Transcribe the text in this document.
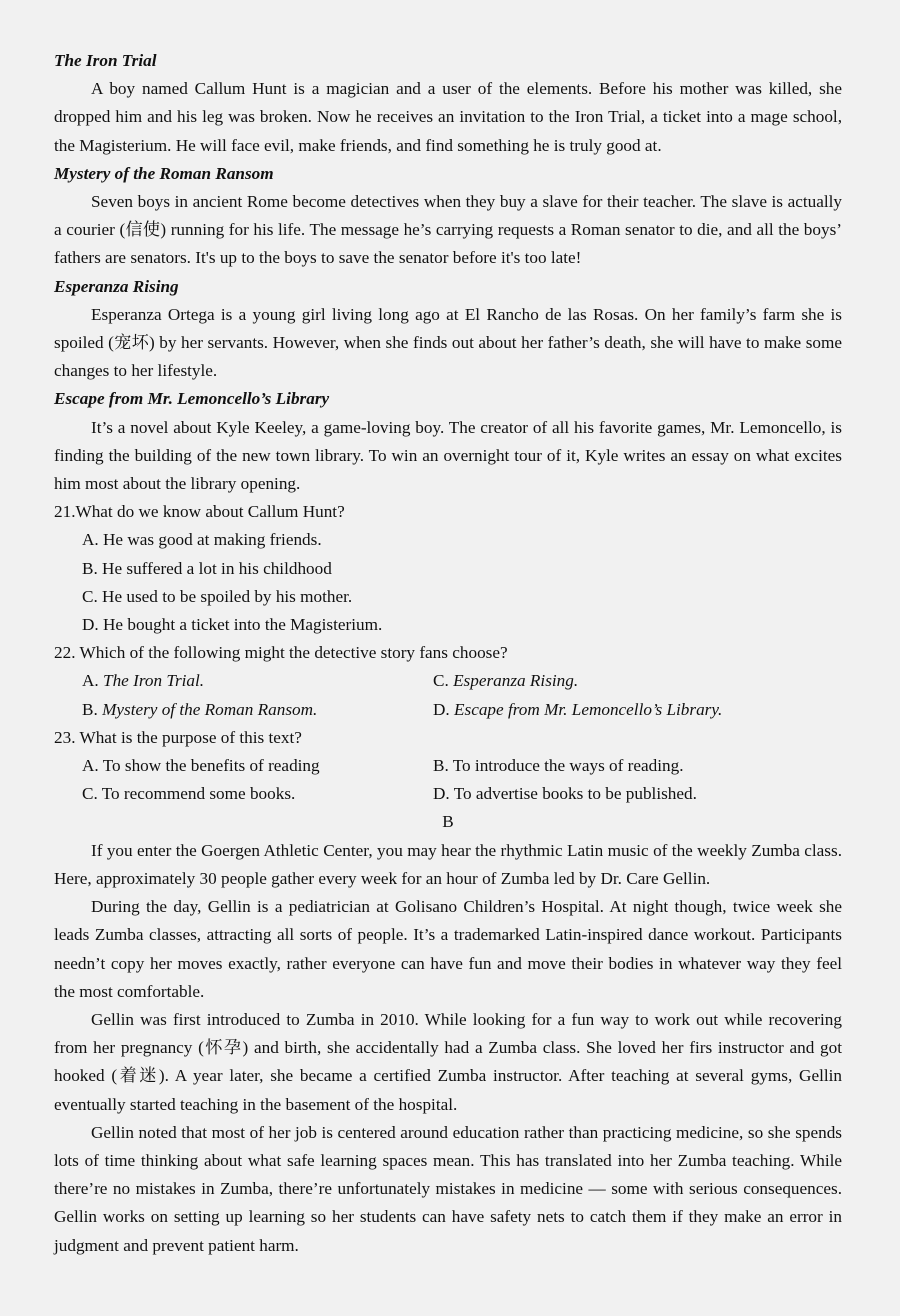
The Iron Trial

A boy named Callum Hunt is a magician and a user of the elements. Before his mother was killed, she dropped him and his leg was broken. Now he receives an invitation to the Iron Trial, a ticket into a mage school, the Magisterium. He will face evil, make friends, and find something he is truly good at.

Mystery of the Roman Ransom

Seven boys in ancient Rome become detectives when they buy a slave for their teacher. The slave is actually a courier (信使) running for his life. The message he’s carrying requests a Roman senator to die, and all the boys’ fathers are senators. It's up to the boys to save the senator before it's too late!

Esperanza Rising

Esperanza Ortega is a young girl living long ago at El Rancho de las Rosas. On her family’s farm she is spoiled (宠坏) by her servants. However, when she finds out about her father’s death, she will have to make some changes to her lifestyle.

Escape from Mr. Lemoncello’s Library

It’s a novel about Kyle Keeley, a game-loving boy. The creator of all his favorite games, Mr. Lemoncello, is finding the building of the new town library. To win an overnight tour of it, Kyle writes an essay on what excites him most about the library opening.

21.What do we know about Callum Hunt?
A. He was good at making friends.
B. He suffered a lot in his childhood
C. He used to be spoiled by his mother.
D. He bought a ticket into the Magisterium.
22. Which of the following might the detective story fans choose?
A. The Iron Trial.	C. Esperanza Rising.
B. Mystery of the Roman Ransom.	D. Escape from Mr. Lemoncello’s Library.
23. What is the purpose of this text?
A. To show the benefits of reading	B. To introduce the ways of reading.
C. To recommend some books.	D. To advertise books to be published.
B

If you enter the Goergen Athletic Center, you may hear the rhythmic Latin music of the weekly Zumba class. Here, approximately 30 people gather every week for an hour of Zumba led by Dr. Care Gellin.

During the day, Gellin is a pediatrician at Golisano Children’s Hospital. At night though, twice week she leads Zumba classes, attracting all sorts of people. It’s a trademarked Latin-inspired dance workout. Participants needn’t copy her moves exactly, rather everyone can have fun and move their bodies in whatever way they feel the most comfortable.

Gellin was first introduced to Zumba in 2010. While looking for a fun way to work out while recovering from her pregnancy (怀孕) and birth, she accidentally had a Zumba class. She loved her firs instructor and got hooked (着迷). A year later, she became a certified Zumba instructor. After teaching at several gyms, Gellin eventually started teaching in the basement of the hospital.

Gellin noted that most of her job is centered around education rather than practicing medicine, so she spends lots of time thinking about what safe learning spaces mean. This has translated into her Zumba teaching. While there’re no mistakes in Zumba, there’re unfortunately mistakes in medicine — some with serious consequences. Gellin works on setting up learning so her students can have safety nets to catch them if they make an error in judgment and prevent patient harm.
